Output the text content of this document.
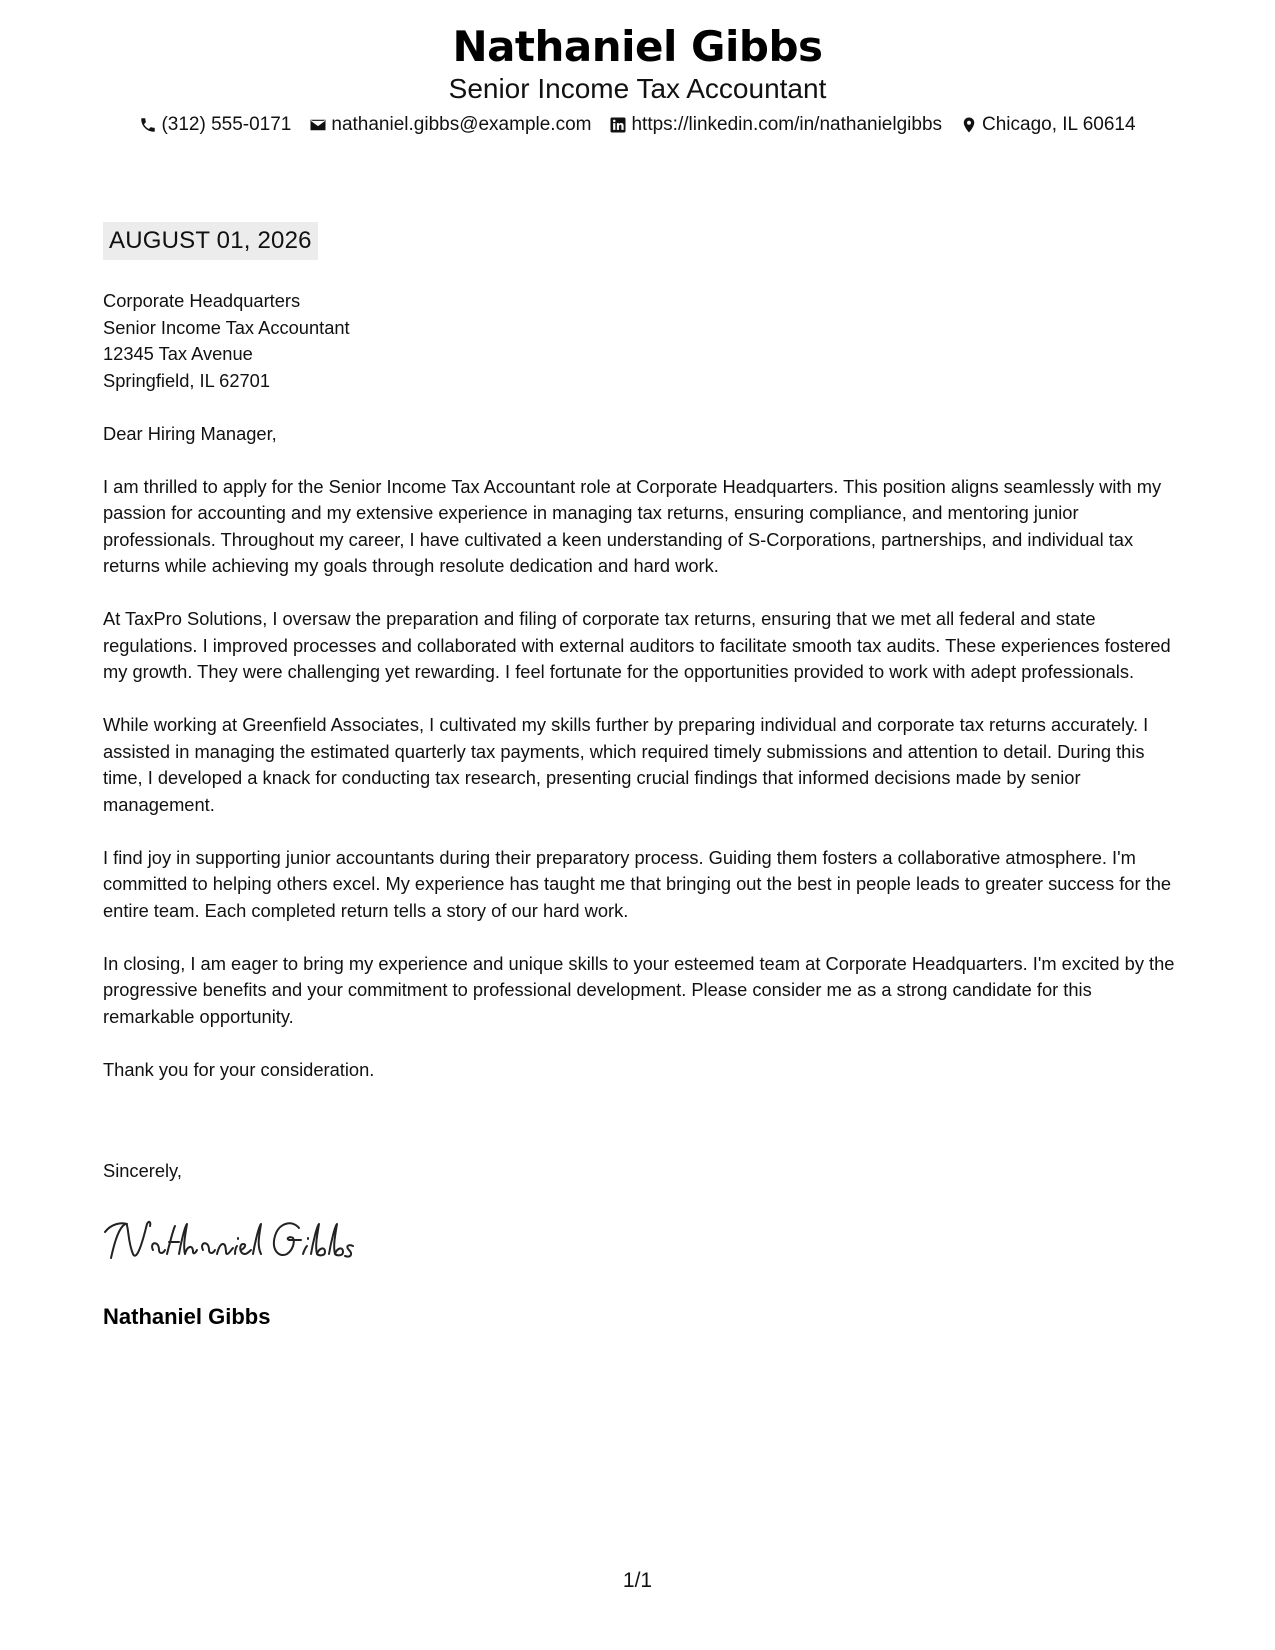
Nathaniel Gibbs
Senior Income Tax Accountant
(312) 555-0171 nathaniel.gibbs@example.com https://linkedin.com/in/nathanielgibbs Chicago, IL 60614
AUGUST 01, 2026
Corporate Headquarters
Senior Income Tax Accountant
12345 Tax Avenue
Springfield, IL 62701

Dear Hiring Manager,

I am thrilled to apply for the Senior Income Tax Accountant role at Corporate Headquarters. This position aligns seamlessly with my passion for accounting and my extensive experience in managing tax returns, ensuring compliance, and mentoring junior professionals. Throughout my career, I have cultivated a keen understanding of S-Corporations, partnerships, and individual tax returns while achieving my goals through resolute dedication and hard work.

At TaxPro Solutions, I oversaw the preparation and filing of corporate tax returns, ensuring that we met all federal and state regulations. I improved processes and collaborated with external auditors to facilitate smooth tax audits. These experiences fostered my growth. They were challenging yet rewarding. I feel fortunate for the opportunities provided to work with adept professionals.

While working at Greenfield Associates, I cultivated my skills further by preparing individual and corporate tax returns accurately. I assisted in managing the estimated quarterly tax payments, which required timely submissions and attention to detail. During this time, I developed a knack for conducting tax research, presenting crucial findings that informed decisions made by senior management.

I find joy in supporting junior accountants during their preparatory process. Guiding them fosters a collaborative atmosphere. I'm committed to helping others excel. My experience has taught me that bringing out the best in people leads to greater success for the entire team. Each completed return tells a story of our hard work.

In closing, I am eager to bring my experience and unique skills to your esteemed team at Corporate Headquarters. I'm excited by the progressive benefits and your commitment to professional development. Please consider me as a strong candidate for this remarkable opportunity.

Thank you for your consideration.

Sincerely,
Nathaniel Gibbs
1/1
